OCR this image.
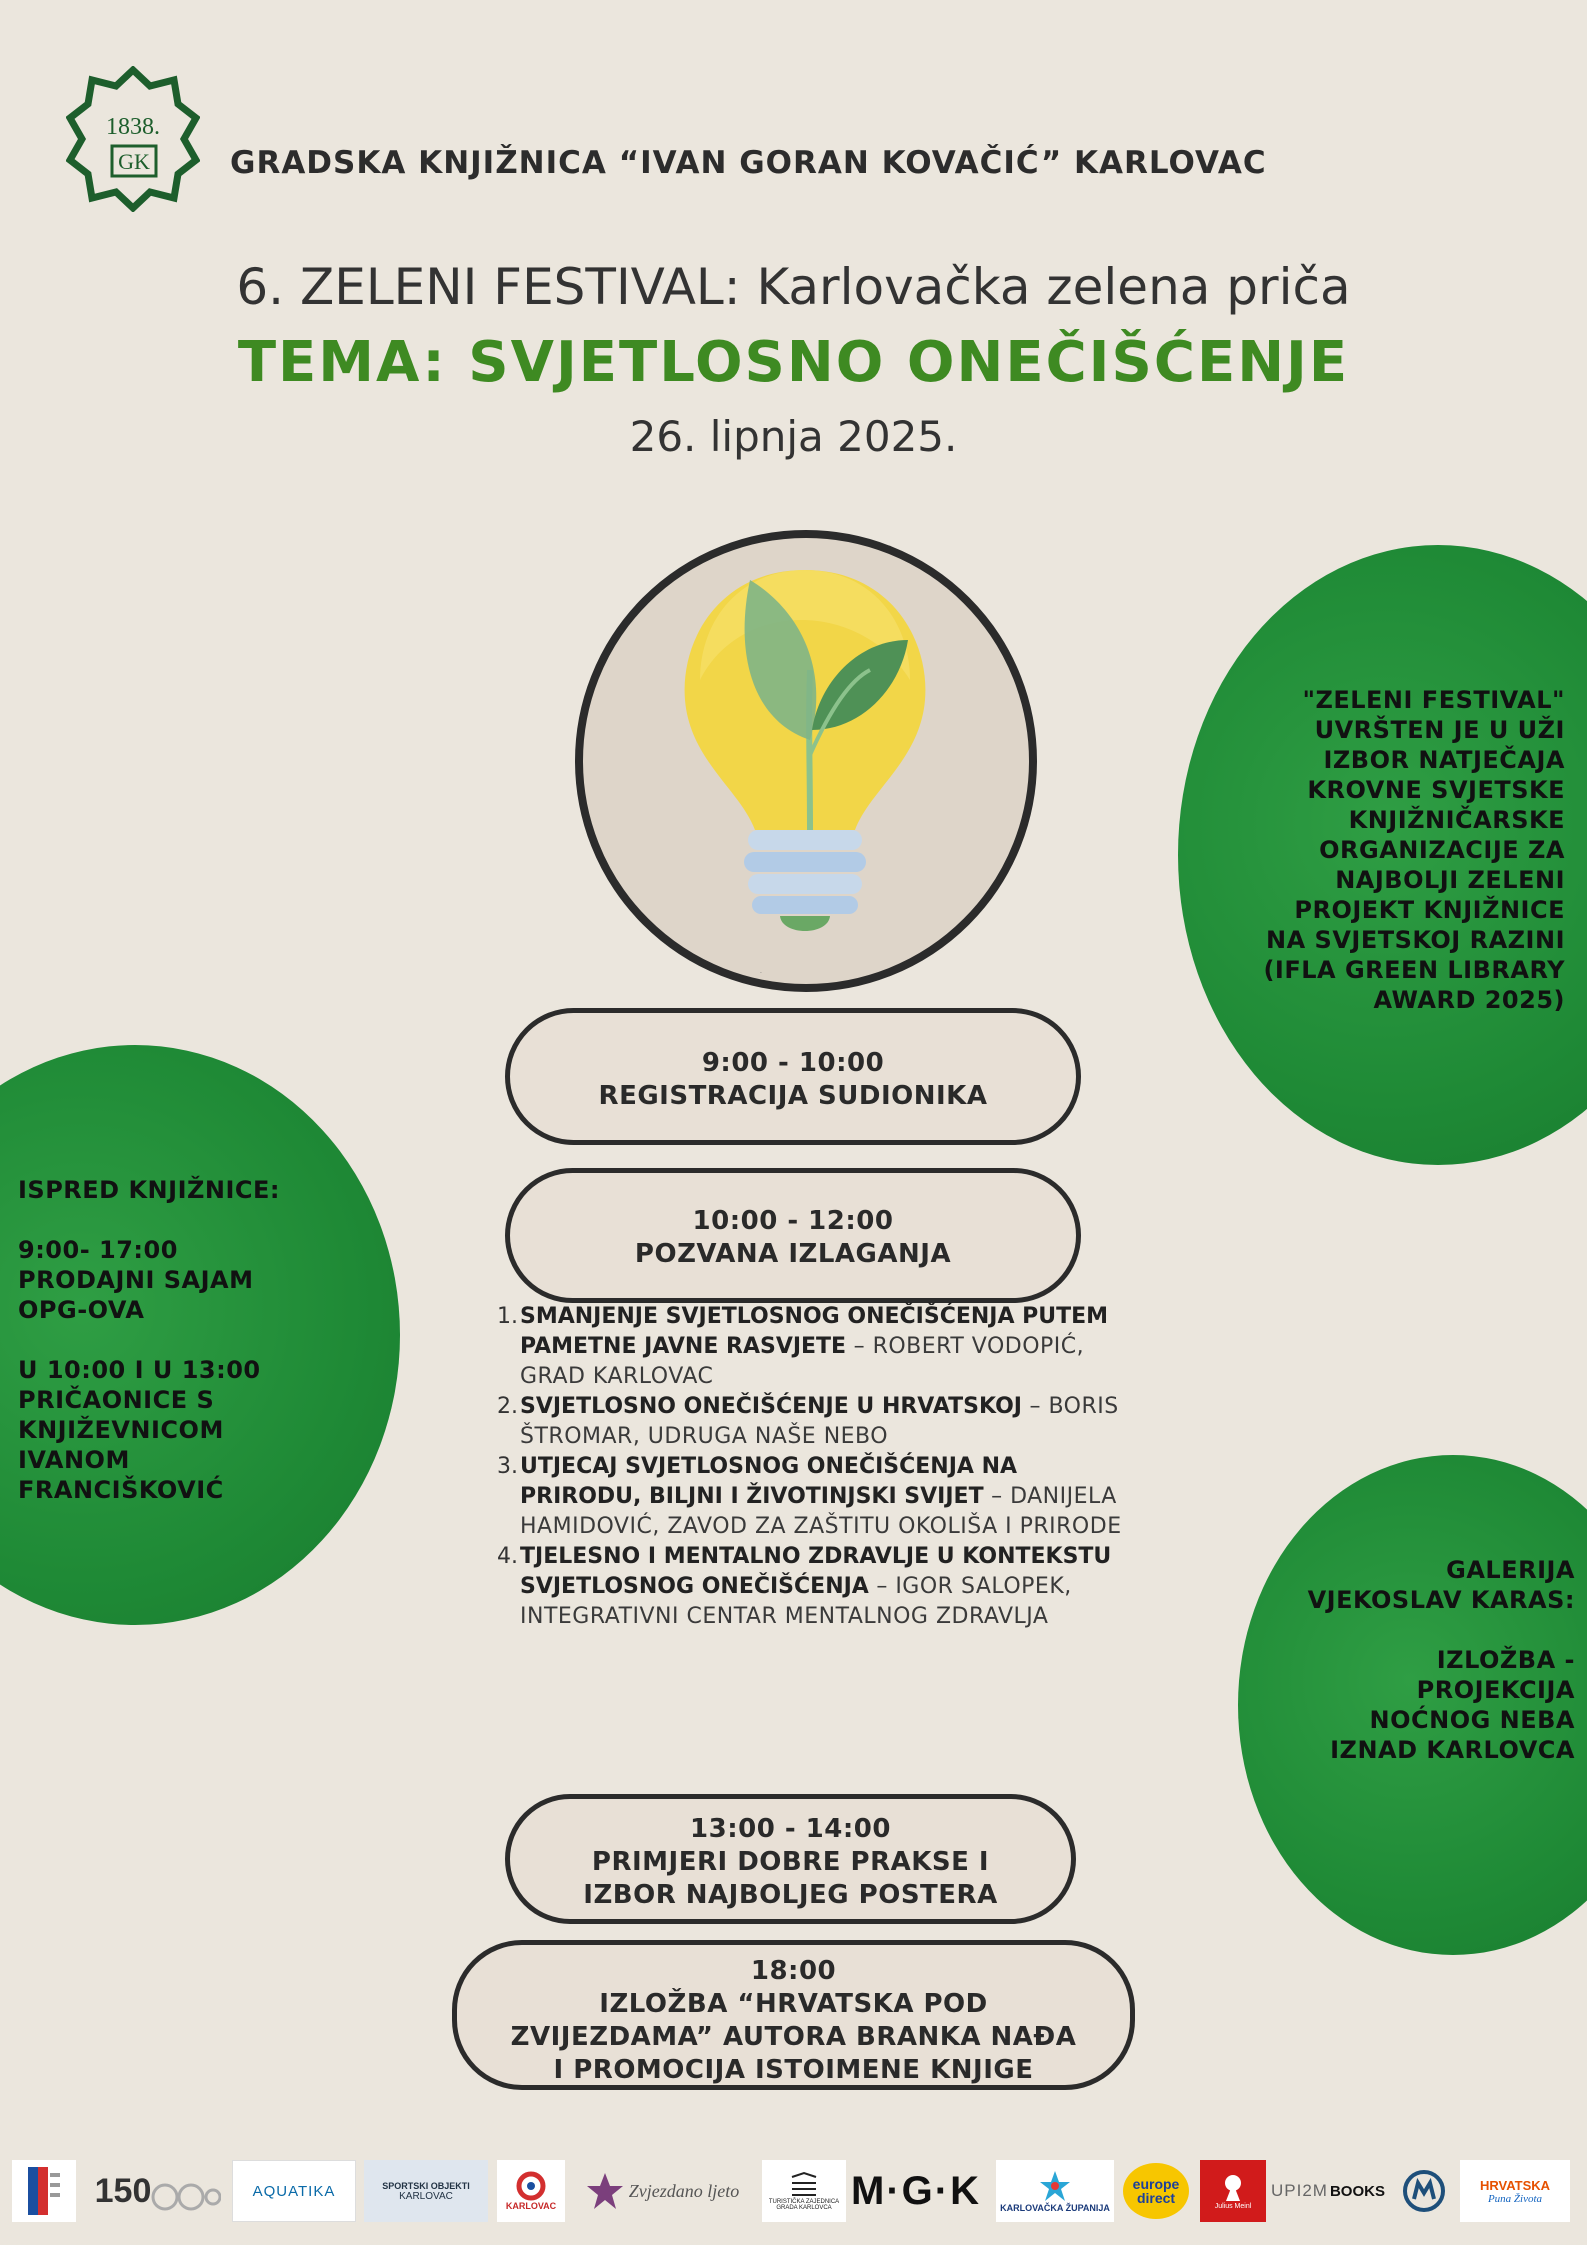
1838.
GK	GRADSKA KNJIŽNICA “IVAN GORAN KOVAČIĆ” KARLOVAC
6. ZELENI FESTIVAL: Karlovačka zelena priča
TEMA: SVJETLOSNO ONEČIŠĆENJE
26. lipnja 2025.
·

"ZELENI FESTIVAL"

UVRŠTEN JE U UŽI

IZBOR NATJEČAJA

KROVNE SVJETSKE

KNJIŽNIČARSKE

ORGANIZACIJE ZA

NAJBOLJI ZELENI

PROJEKT KNJIŽNICE

NA SVJETSKOJ RAZINI

(IFLA GREEN LIBRARY

AWARD 2025)

ISPRED KNJIŽNICE:

9:00- 17:00

PRODAJNI SAJAM

OPG-OVA

U 10:00 I U 13:00

PRIČAONICE S

KNJIŽEVNICOM

IVANOM

FRANCIŠKOVIĆ

GALERIJA

VJEKOSLAV KARAS:

IZLOŽBA -

PROJEKCIJA

NOĆNOG NEBA

IZNAD KARLOVCA

9:00 - 10:00

REGISTRACIJA SUDIONIKA

10:00 - 12:00

POZVANA IZLAGANJA

1. SMANJENJE SVJETLOSNOG ONEČIŠĆENJA PUTEM PAMETNE JAVNE RASVJETE – ROBERT VODOPIĆ, GRAD KARLOVAC
2. SVJETLOSNO ONEČIŠĆENJE U HRVATSKOJ – BORIS ŠTROMAR, UDRUGA NAŠE NEBO
3. UTJECAJ SVJETLOSNOG ONEČIŠĆENJA NA PRIRODU, BILJNI I ŽIVOTINJSKI SVIJET – DANIJELA HAMIDOVIĆ, ZAVOD ZA ZAŠTITU OKOLIŠA I PRIRODE
4. TJELESNO I MENTALNO ZDRAVLJE U KONTEKSTU SVJETLOSNOG ONEČIŠĆENJA – IGOR SALOPEK, INTEGRATIVNI CENTAR MENTALNOG ZDRAVLJA

13:00 - 14:00

PRIMJERI DOBRE PRAKSE I

IZBOR NAJBOLJEG POSTERA

18:00

IZLOŽBA “HRVATSKA POD

ZVIJEZDAMA” AUTORA BRANKA NAĐA

I PROMOCIJA ISTOIMENE KNJIGE

150	AQUATIKA	SPORTSKI OBJEKTI
KARLOVAC
KARLOVAC
Zvjezdano ljeto
TURISTIČKA ZAJEDNICA GRADA KARLOVCA M·G·K KARLOVAČKA ŽUPANIJA
europe direct	Julius Meinl
UPI2M BOOKS	HRVATSKA
Puna Života
